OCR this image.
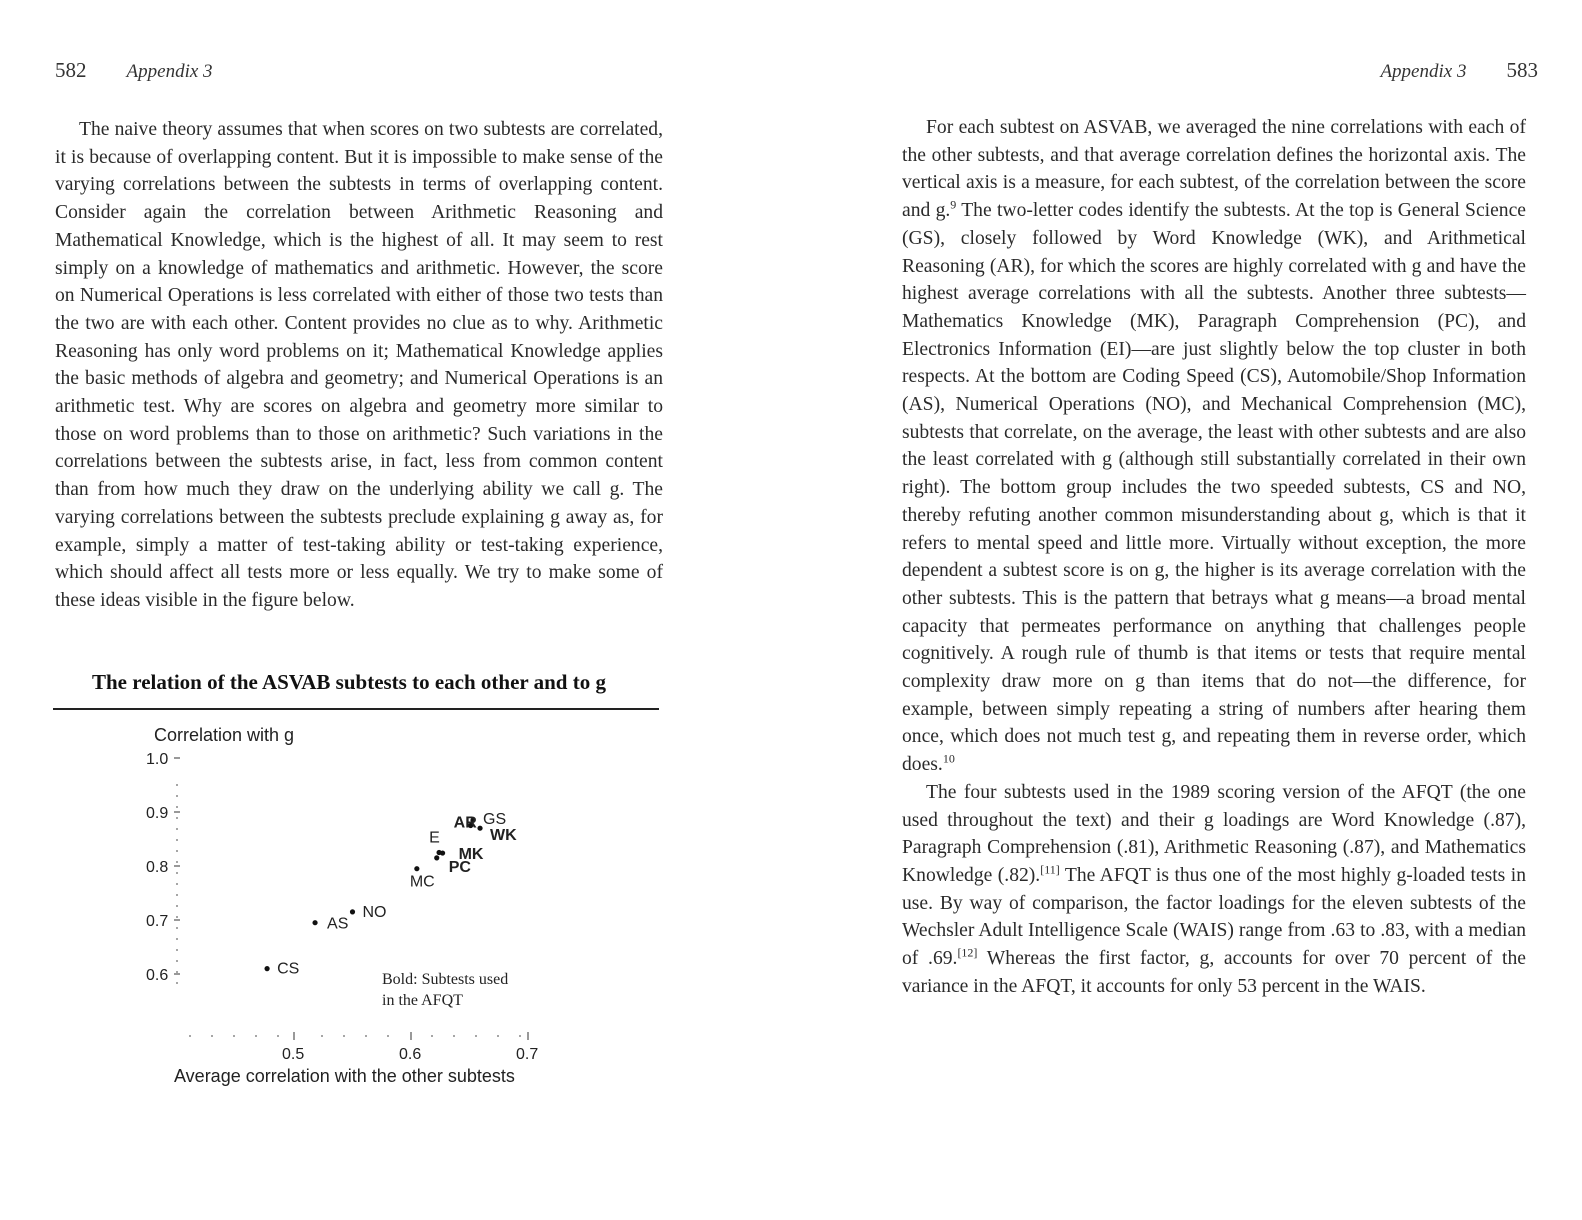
582 Appendix 3

The naive theory assumes that when scores on two subtests are correlated, it is because of overlapping content. But it is impossible to make sense of the varying correlations between the subtests in terms of overlapping content. Consider again the correlation between Arithmetic Reasoning and Mathematical Knowledge, which is the highest of all. It may seem to rest simply on a knowledge of mathematics and arithmetic. However, the score on Numerical Operations is less correlated with either of those two tests than the two are with each other. Content provides no clue as to why. Arithmetic Reasoning has only word problems on it; Mathematical Knowledge applies the basic methods of algebra and geometry; and Numerical Operations is an arithmetic test. Why are scores on algebra and geometry more similar to those on word problems than to those on arithmetic? Such variations in the correlations between the subtests arise, in fact, less from common content than from how much they draw on the underlying ability we call g. The varying correlations between the subtests preclude explaining g away as, for example, simply a matter of test-taking ability or test-taking experience, which should affect all tests more or less equally. We try to make some of these ideas visible in the figure below.

The relation of the ASVAB subtests to each other and to g
Correlation with g
1.0
0.9
0.8
0.7
0.6
0.5	0.6	0.7
GS
AR
WK
E
MK
PC
MC
NO
AS
CS
Bold: Subtests used in the AFQT
Average correlation with the other subtests
Appendix 3 583

For each subtest on ASVAB, we averaged the nine correlations with each of the other subtests, and that average correlation defines the horizontal axis. The vertical axis is a measure, for each subtest, of the correlation between the score and g.$^9$ The two-letter codes identify the subtests. At the top is General Science (GS), closely followed by Word Knowledge (WK), and Arithmetical Reasoning (AR), for which the scores are highly correlated with g and have the highest average correlations with all the subtests. Another three subtests—Mathematics Knowledge (MK), Paragraph Comprehension (PC), and Electronics Information (EI)—are just slightly below the top cluster in both respects. At the bottom are Coding Speed (CS), Automobile/Shop Information (AS), Numerical Operations (NO), and Mechanical Comprehension (MC), subtests that correlate, on the average, the least with other subtests and are also the least correlated with g (although still substantially correlated in their own right). The bottom group includes the two speeded subtests, CS and NO, thereby refuting another common misunderstanding about g, which is that it refers to mental speed and little more. Virtually without exception, the more dependent a subtest score is on g, the higher is its average correlation with the other subtests. This is the pattern that betrays what g means—a broad mental capacity that permeates performance on anything that challenges people cognitively. A rough rule of thumb is that items or tests that require mental complexity draw more on g than items that do not—the difference, for example, between simply repeating a string of numbers after hearing them once, which does not much test g, and repeating them in reverse order, which does.$^{10}$

The four subtests used in the 1989 scoring version of the AFQT (the one used throughout the text) and their g loadings are Word Knowledge (.87), Paragraph Comprehension (.81), Arithmetic Reasoning (.87), and Mathematics Knowledge (.82).[11] The AFQT is thus one of the most highly g-loaded tests in use. By way of comparison, the factor loadings for the eleven subtests of the Wechsler Adult Intelligence Scale (WAIS) range from .63 to .83, with a median of .69.[12] Whereas the first factor, g, accounts for over 70 percent of the variance in the AFQT, it accounts for only 53 percent in the WAIS.
